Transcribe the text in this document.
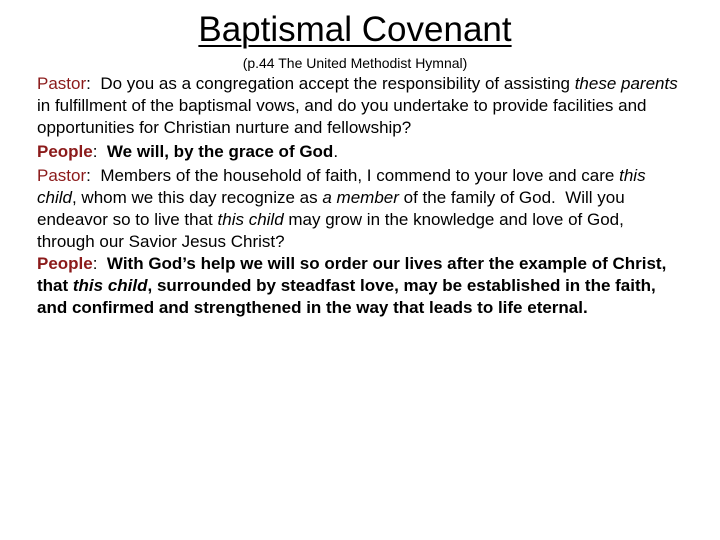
Baptismal Covenant
(p.44 The United Methodist Hymnal)

Pastor:  Do you as a congregation accept the responsibility of assisting these parents in fulfillment of the baptismal vows, and do you undertake to provide facilities and opportunities for Christian nurture and fellowship?

People:  We will, by the grace of God.

Pastor:  Members of the household of faith, I commend to your love and care this child, whom we this day recognize as a member of the family of God.  Will you endeavor so to live that this child may grow in the knowledge and love of God, through our Savior Jesus Christ?

People:  With God’s help we will so order our lives after the example of Christ, that this child, surrounded by steadfast love, may be established in the faith, and confirmed and strengthened in the way that leads to life eternal.
